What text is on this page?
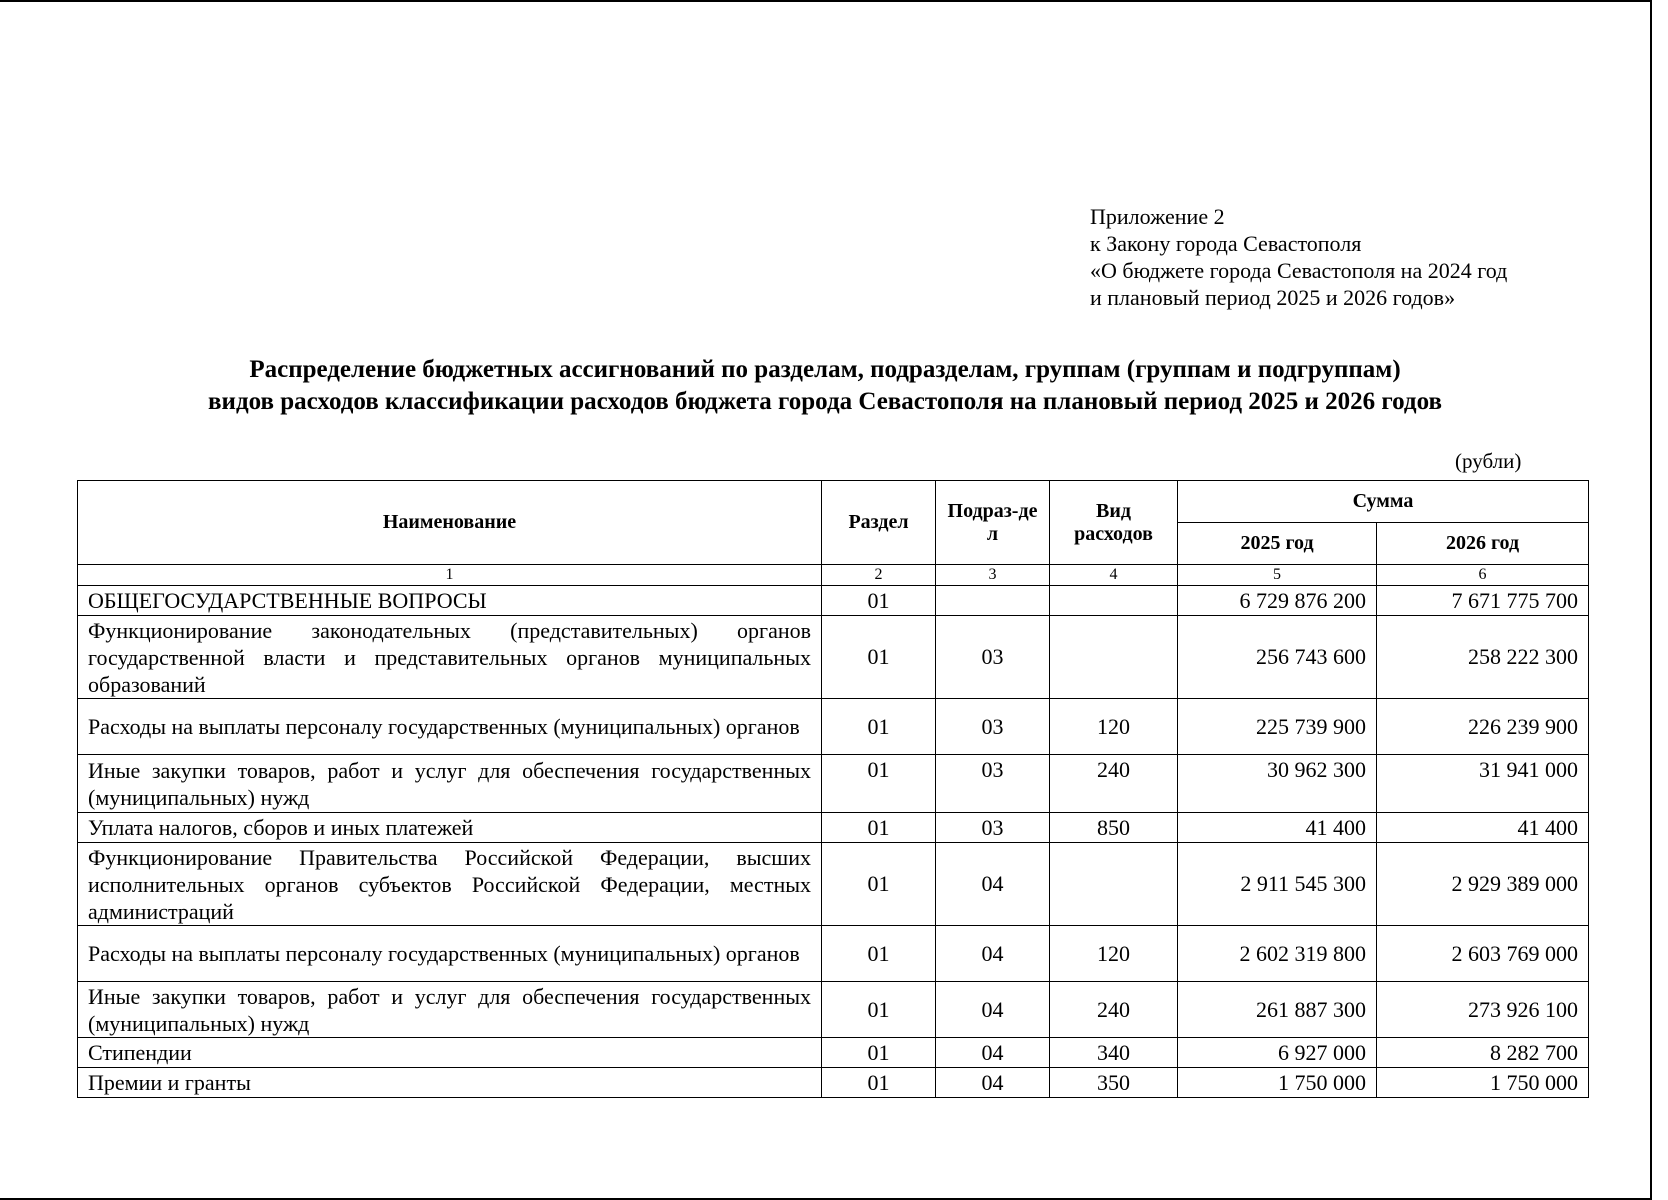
Приложение 2
к Закону города Севастополя
«О бюджете города Севастополя на 2024 год
и плановый период 2025 и 2026 годов»
Распределение бюджетных ассигнований по разделам, подразделам, группам (группам и подгруппам)
видов расходов классификации расходов бюджета города Севастополя на плановый период 2025 и 2026 годов
(рубли)
Наименование	Раздел	Подраз-дел	Вид расходов	Сумма	
				2025 год	2026 год
1	2	3	4	5	6
ОБЩЕГОСУДАРСТВЕННЫЕ ВОПРОСЫ	01			6 729 876 200	7 671 775 700
Функционирование законодательных (представительных) органов государственной власти и представительных органов муниципальных образований	01	03		256 743 600	258 222 300
Расходы на выплаты персоналу государственных (муниципальных) органов	01	03	120	225 739 900	226 239 900
Иные закупки товаров, работ и услуг для обеспечения государственных (муниципальных) нужд	01	03	240	30 962 300	31 941 000
Уплата налогов, сборов и иных платежей	01	03	850	41 400	41 400
Функционирование Правительства Российской Федерации, высших исполнительных органов субъектов Российской Федерации, местных администраций	01	04		2 911 545 300	2 929 389 000
Расходы на выплаты персоналу государственных (муниципальных) органов	01	04	120	2 602 319 800	2 603 769 000
Иные закупки товаров, работ и услуг для обеспечения государственных (муниципальных) нужд	01	04	240	261 887 300	273 926 100
Стипендии	01	04	340	6 927 000	8 282 700
Премии и гранты	01	04	350	1 750 000	1 750 000
